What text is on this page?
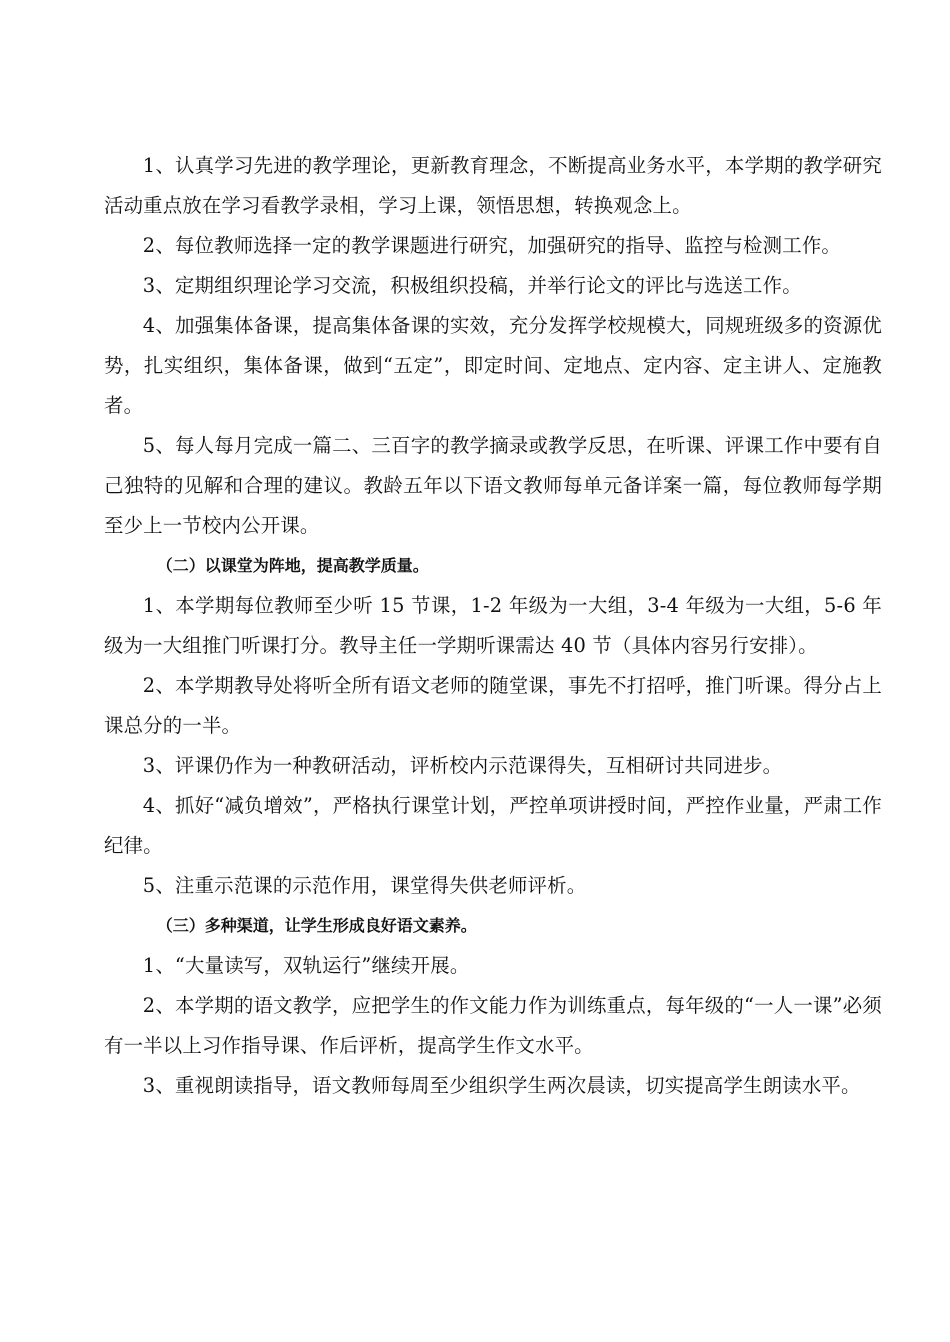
1、认真学习先进的教学理论，更新教育理念，不断提高业务水平，本学期的教学研究活动重点放在学习看教学录相，学习上课，领悟思想，转换观念上。

2、每位教师选择一定的教学课题进行研究，加强研究的指导、监控与检测工作。

3、定期组织理论学习交流，积极组织投稿，并举行论文的评比与选送工作。

4、加强集体备课，提高集体备课的实效，充分发挥学校规模大，同规班级多的资源优势，扎实组织，集体备课，做到“五定”，即定时间、定地点、定内容、定主讲人、定施教者。

5、每人每月完成一篇二、三百字的教学摘录或教学反思，在听课、评课工作中要有自己独特的见解和合理的建议。教龄五年以下语文教师每单元备详案一篇，每位教师每学期至少上一节校内公开课。

（二）以课堂为阵地，提高教学质量。

1、本学期每位教师至少听 15 节课，1-2 年级为一大组，3-4 年级为一大组，5-6 年级为一大组推门听课打分。教导主任一学期听课需达 40 节（具体内容另行安排）。

2、本学期教导处将听全所有语文老师的随堂课，事先不打招呼，推门听课。得分占上课总分的一半。

3、评课仍作为一种教研活动，评析校内示范课得失，互相研讨共同进步。

4、抓好“减负增效”，严格执行课堂计划，严控单项讲授时间，严控作业量，严肃工作纪律。

5、注重示范课的示范作用，课堂得失供老师评析。

（三）多种渠道，让学生形成良好语文素养。

1、“大量读写，双轨运行”继续开展。

2、本学期的语文教学，应把学生的作文能力作为训练重点，每年级的“一人一课”必须有一半以上习作指导课、作后评析，提高学生作文水平。

3、重视朗读指导，语文教师每周至少组织学生两次晨读，切实提高学生朗读水平。
